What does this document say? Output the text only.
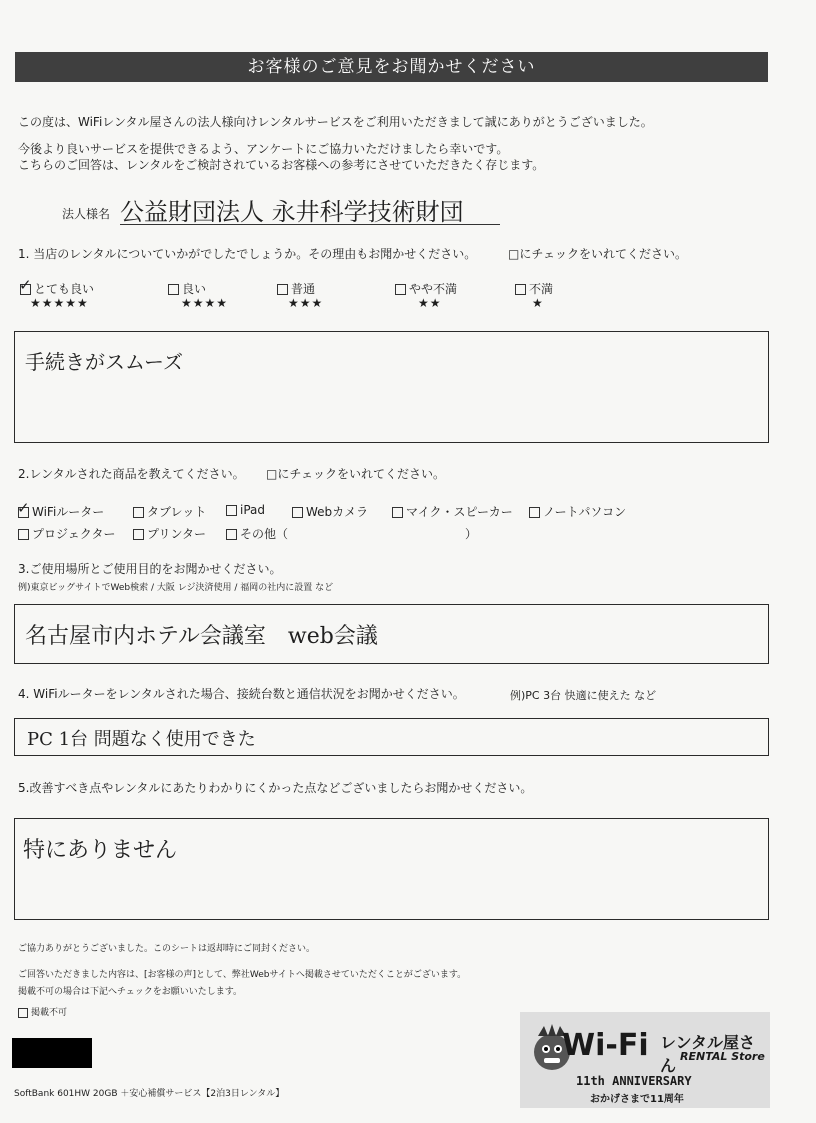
お客様のご意見をお聞かせください
この度は、WiFiレンタル屋さんの法人様向けレンタルサービスをご利用いただきまして誠にありがとうございました。
今後より良いサービスを提供できるよう、アンケートにご協力いただけましたら幸いです。
こちらのご回答は、レンタルをご検討されているお客様への参考にさせていただきたく存じます。
法人様名 公益財団法人 永井科学技術財団
1. 当店のレンタルについていかがでしたでしょうか。その理由もお聞かせください。	□にチェックをいれてください。
✓ とても良い
★★★★★
良い
★★★★
普通
★★★
やや不満
★★
不満
★
手続きがスムーズ
2.レンタルされた商品を教えてください。 □にチェックをいれてください。
✓ WiFiルーター	タブレット	iPad	Webカメラ	マイク・スピーカー	ノートパソコン
プロジェクター	プリンター	その他（	）
3.ご使用場所とご使用目的をお聞かせください。
例)東京ビッグサイトでWeb検索 / 大阪 レジ決済使用 / 福岡の社内に設置 など
名古屋市内ホテル会議室　web会議
4. WiFiルーターをレンタルされた場合、接続台数と通信状況をお聞かせください。	例)PC 3台 快適に使えた など
PC 1台 問題なく使用できた
5.改善すべき点やレンタルにあたりわかりにくかった点などございましたらお聞かせください。
特にありません
ご協力ありがとうございました。このシートは返却時にご同封ください。
ご回答いただきました内容は、[お客様の声]として、弊社Webサイトへ掲載させていただくことがございます。
掲載不可の場合は下記へチェックをお願いいたします。
掲載不可
SoftBank 601HW 20GB ＋安心補償サービス【2泊3日レンタル】
Wi-Fi レンタル屋さん RENTAL Store
11th ANNIVERSARY
おかげさまで11周年
